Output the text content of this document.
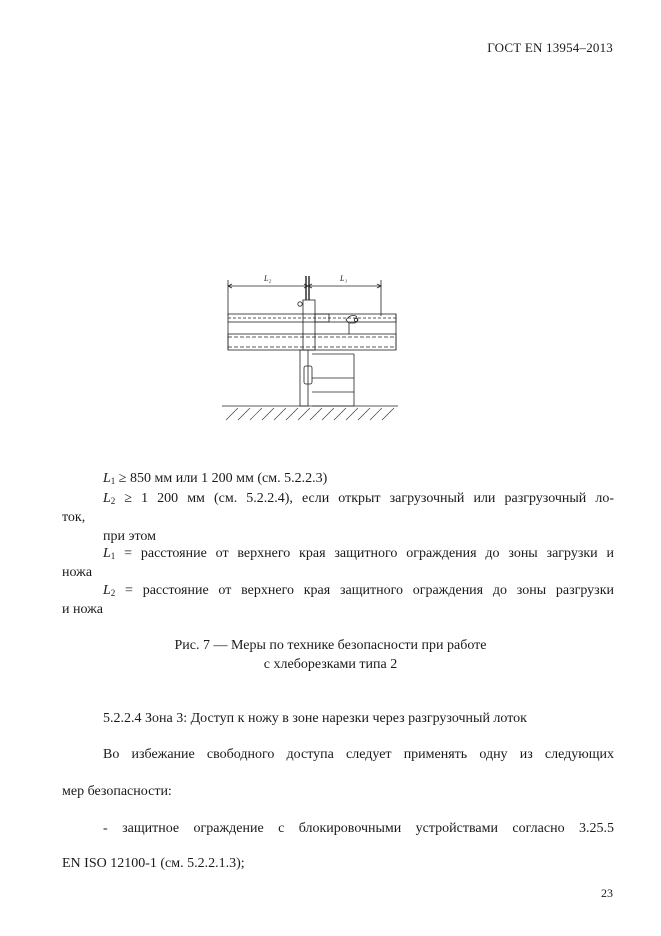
ГОСТ EN 13954–2013
L₂	L₁
$L_1 \ge 850$ мм или 1 200 мм (см. 5.2.2.3)
$L_2 \ge 1$ 200 мм (см. 5.2.2.4), если открыт загрузочный или разгрузочный ло-
ток,
при этом
$L_1$ = расстояние от верхнего края защитного ограждения до зоны загрузки и
ножа
$L_2$ = расстояние от верхнего края защитного ограждения до зоны разгрузки
и ножа
Рис. 7 — Меры по технике безопасности при работе
с хлеборезками типа 2
5.2.2.4 Зона 3: Доступ к ножу в зоне нарезки через разгрузочный лоток
Во избежание свободного доступа следует применять одну из следующих
мер безопасности:
- защитное ограждение с блокировочными устройствами согласно 3.25.5
EN ISO 12100-1 (см. 5.2.2.1.3);
23
